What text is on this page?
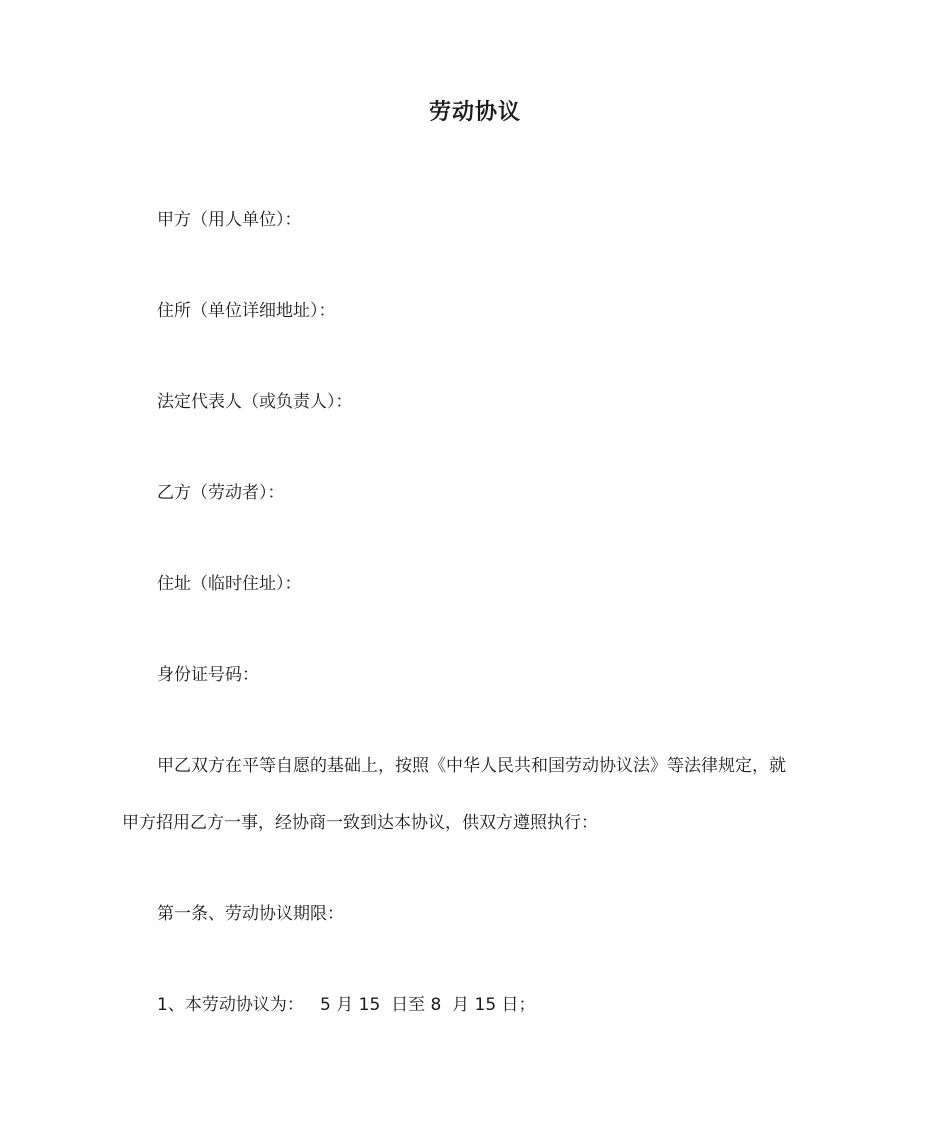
劳动协议
甲方（用人单位）：
住所（单位详细地址）：
法定代表人（或负责人）：
乙方（劳动者）：
住址（临时住址）：
身份证号码：
甲乙双方在平等自愿的基础上，按照《中华人民共和国劳动协议法》等法律规定，就
甲方招用乙方一事，经协商一致到达本协议，供双方遵照执行：
第一条、劳动协议期限：
1、本劳动协议为：   5 月 15  日至 8  月 15 日；
